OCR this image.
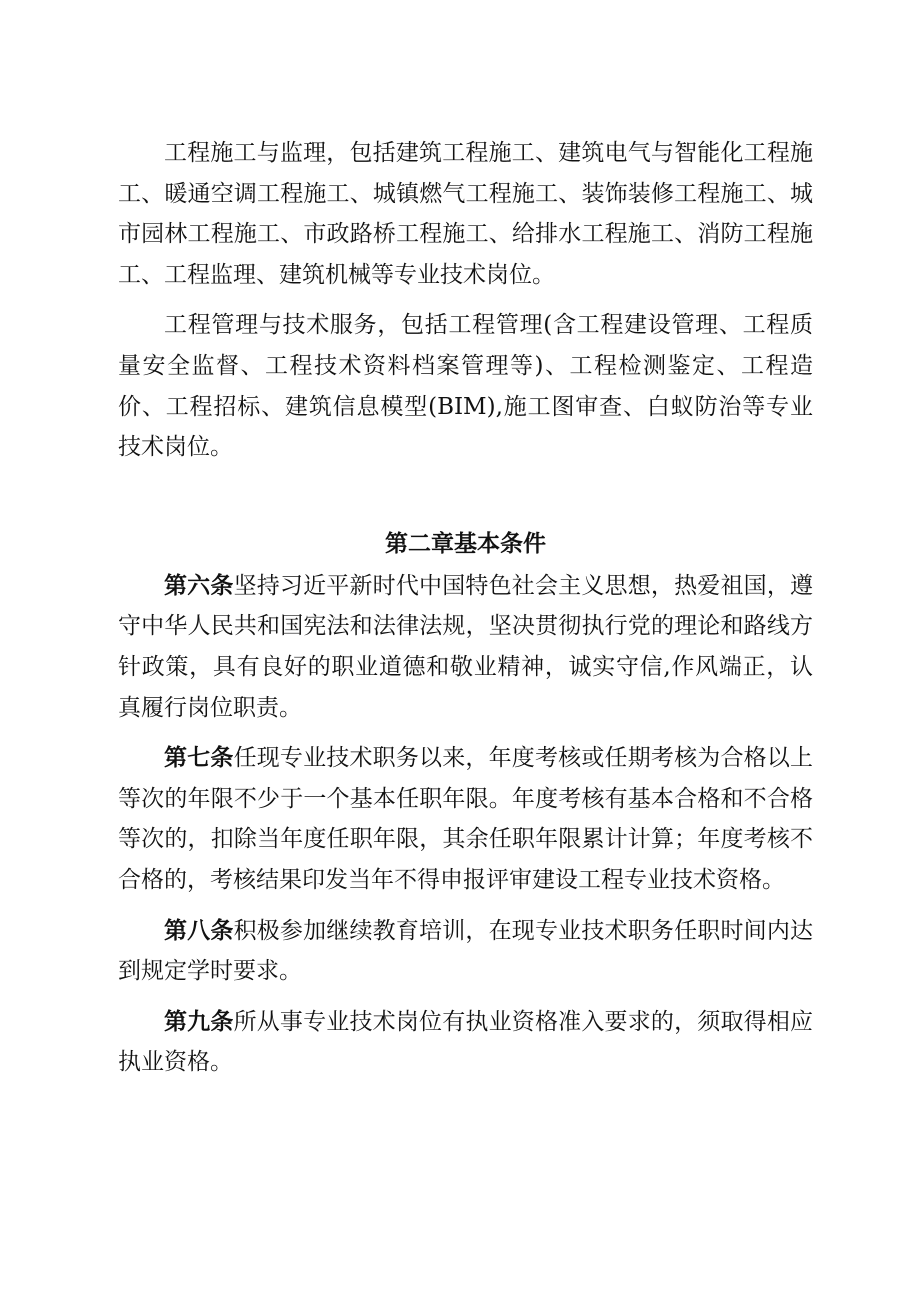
工程施工与监理，包括建筑工程施工、建筑电气与智能化工程施工、暖通空调工程施工、城镇燃气工程施工、装饰装修工程施工、城市园林工程施工、市政路桥工程施工、给排水工程施工、消防工程施工、工程监理、建筑机械等专业技术岗位。

工程管理与技术服务，包括工程管理(含工程建设管理、工程质量安全监督、工程技术资料档案管理等)、工程检测鉴定、工程造价、工程招标、建筑信息模型(BIM),施工图审查、白蚁防治等专业技术岗位。

第二章基本条件

第六条坚持习近平新时代中国特色社会主义思想，热爱祖国，遵守中华人民共和国宪法和法律法规，坚决贯彻执行党的理论和路线方针政策，具有良好的职业道德和敬业精神，诚实守信,作风端正，认真履行岗位职责。

第七条任现专业技术职务以来，年度考核或任期考核为合格以上等次的年限不少于一个基本任职年限。年度考核有基本合格和不合格等次的，扣除当年度任职年限，其余任职年限累计计算；年度考核不合格的，考核结果印发当年不得申报评审建设工程专业技术资格。

第八条积极参加继续教育培训，在现专业技术职务任职时间内达到规定学时要求。

第九条所从事专业技术岗位有执业资格准入要求的，须取得相应执业资格。
